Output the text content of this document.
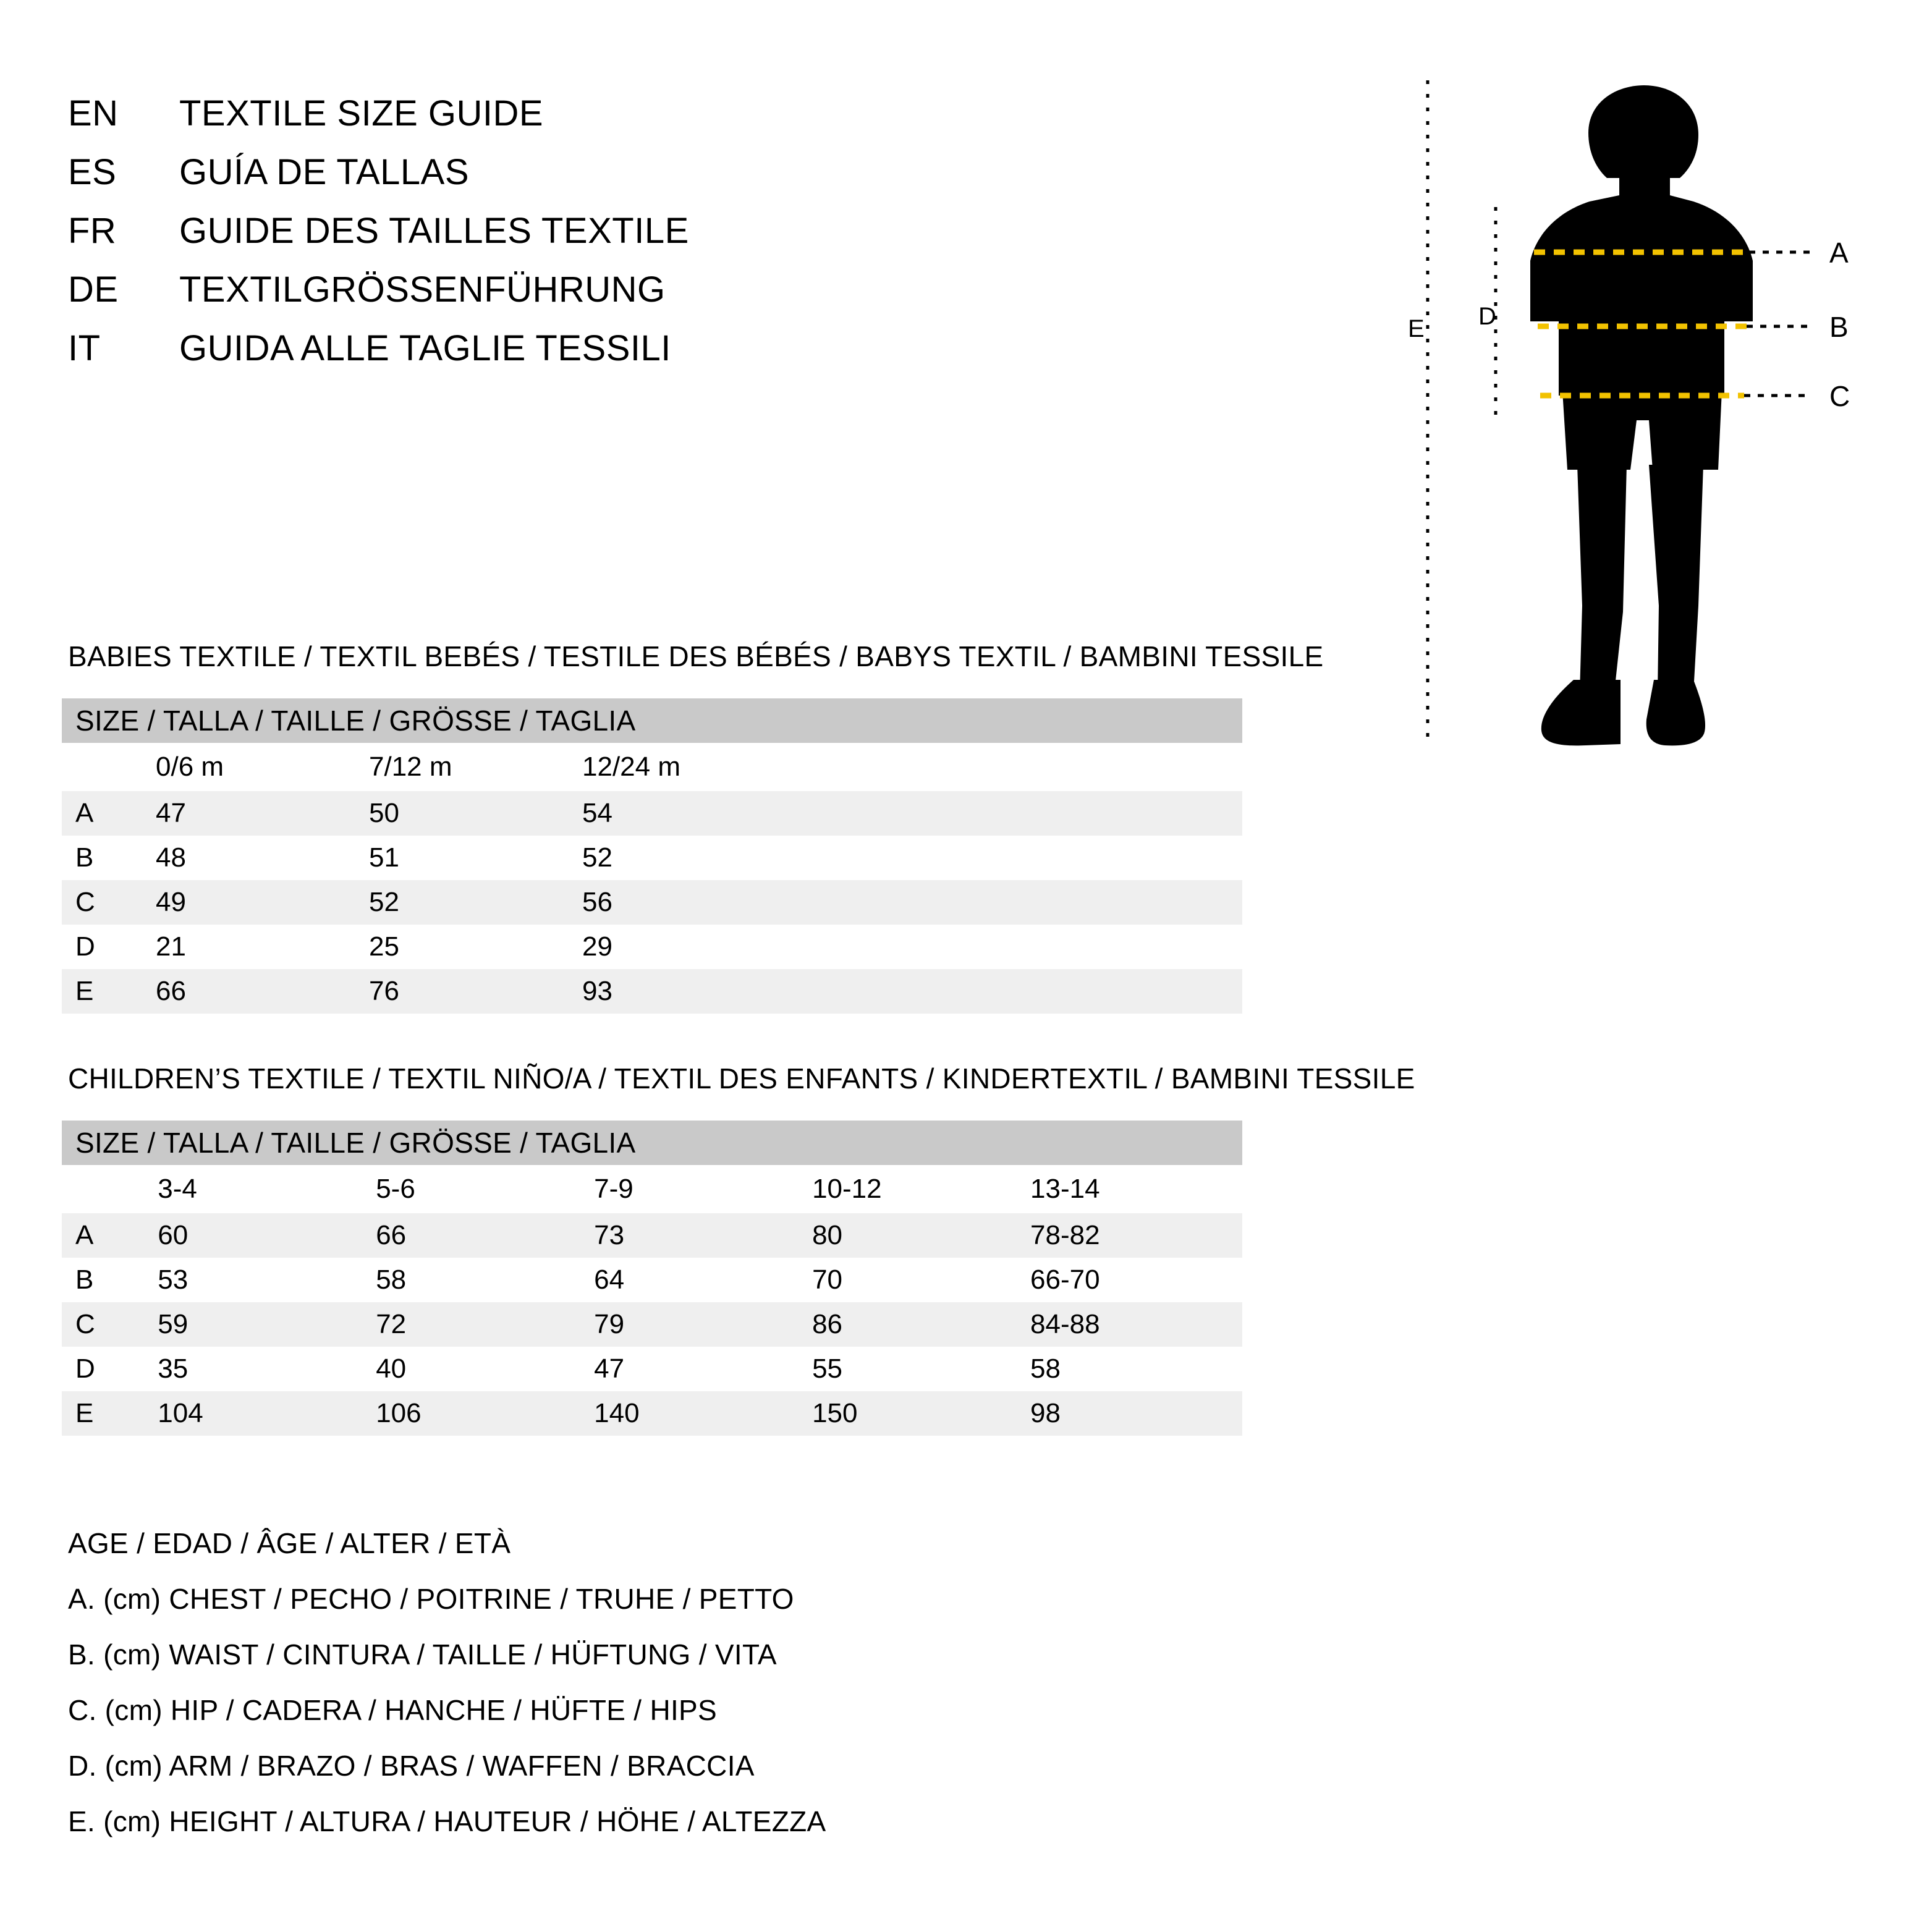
EN	TEXTILE SIZE GUIDE
ES	GUÍA DE TALLAS
FR	GUIDE DES TAILLES TEXTILE
DE	TEXTILGRÖSSENFÜHRUNG
IT	GUIDA ALLE TAGLIE TESSILI
A
B
C
D
E
BABIES TEXTILE / TEXTIL BEBÉS / TESTILE DES BÉBÉS / BABYS TEXTIL / BAMBINI TESSILE
SIZE / TALLA / TAILLE / GRÖSSE / TAGLIA				
	0/6 m	7/12 m	12/24 m	
A	47	50	54	
B	48	51	52	
C	49	52	56	
D	21	25	29	
E	66	76	93	
CHILDREN’S TEXTILE / TEXTIL NIÑO/A / TEXTIL DES ENFANTS / KINDERTEXTIL / BAMBINI TESSILE
SIZE / TALLA / TAILLE / GRÖSSE / TAGLIA					
	3-4	5-6	7-9	10-12	13-14
A	60	66	73	80	78-82
B	53	58	64	70	66-70
C	59	72	79	86	84-88
D	35	40	47	55	58
E	104	106	140	150	98
AGE / EDAD / ÂGE / ALTER / ETÀ
A. (cm) CHEST / PECHO / POITRINE / TRUHE / PETTO
B. (cm) WAIST / CINTURA / TAILLE / HÜFTUNG / VITA
C. (cm) HIP / CADERA / HANCHE / HÜFTE / HIPS
D. (cm) ARM / BRAZO / BRAS / WAFFEN / BRACCIA
E. (cm) HEIGHT / ALTURA / HAUTEUR / HÖHE / ALTEZZA
